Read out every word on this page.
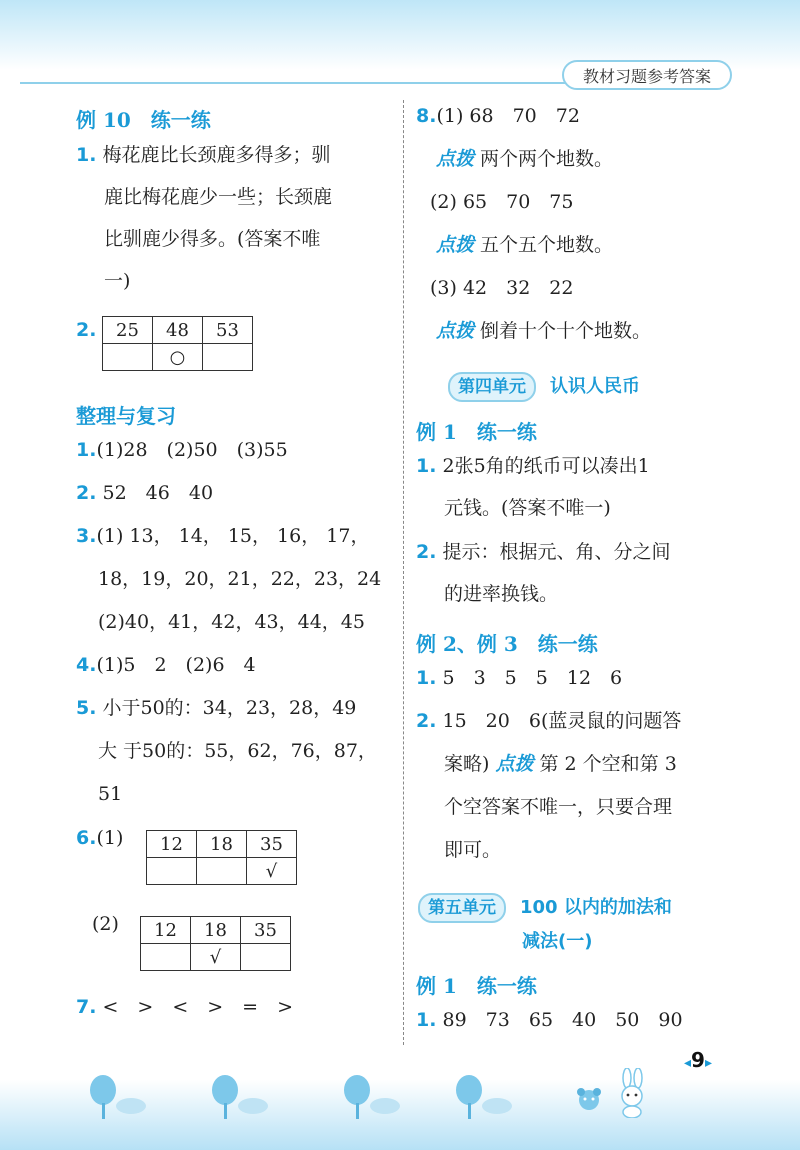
教材习题参考答案
例 10　练一练
1. 梅花鹿比长颈鹿多得多；驯
鹿比梅花鹿少一些；长颈鹿
比驯鹿少得多。(答案不唯
一)
2. 25	48	53
	○	
整理与复习
1.(1)28　(2)50　(3)55
2. 52　46　40
3.(1) 13， 14， 15， 16， 17，
18，19，20，21，22，23，24
(2)40，41，42，43，44，45
4.(1)5　2　(2)6　4
5. 小于50的：34，23，28，49
大 于50的：55，62，76，87，
51
6.(1) 12	18	35
		√
(2) 12	18	35
	√	
7. <　>　<　>　=　>
8.(1) 68　70　72
点拨 两个两个地数。
(2) 65　70　75
点拨 五个五个地数。
(3) 42　32　22
点拨 倒着十个十个地数。
第四单元 认识人民币
例 1　练一练
1. 2张5角的纸币可以凑出1
元钱。(答案不唯一)
2. 提示：根据元、角、分之间
的进率换钱。
例 2、例 3　练一练
1. 5　3　5　5　12　6
2. 15　20　6(蓝灵鼠的问题答
案略) 点拨 第 2 个空和第 3
个空答案不唯一，只要合理
即可。
第五单元 100 以内的加法和
减法(一)
例 1　练一练
1. 89　73　65　40　50　90
◂9▸
